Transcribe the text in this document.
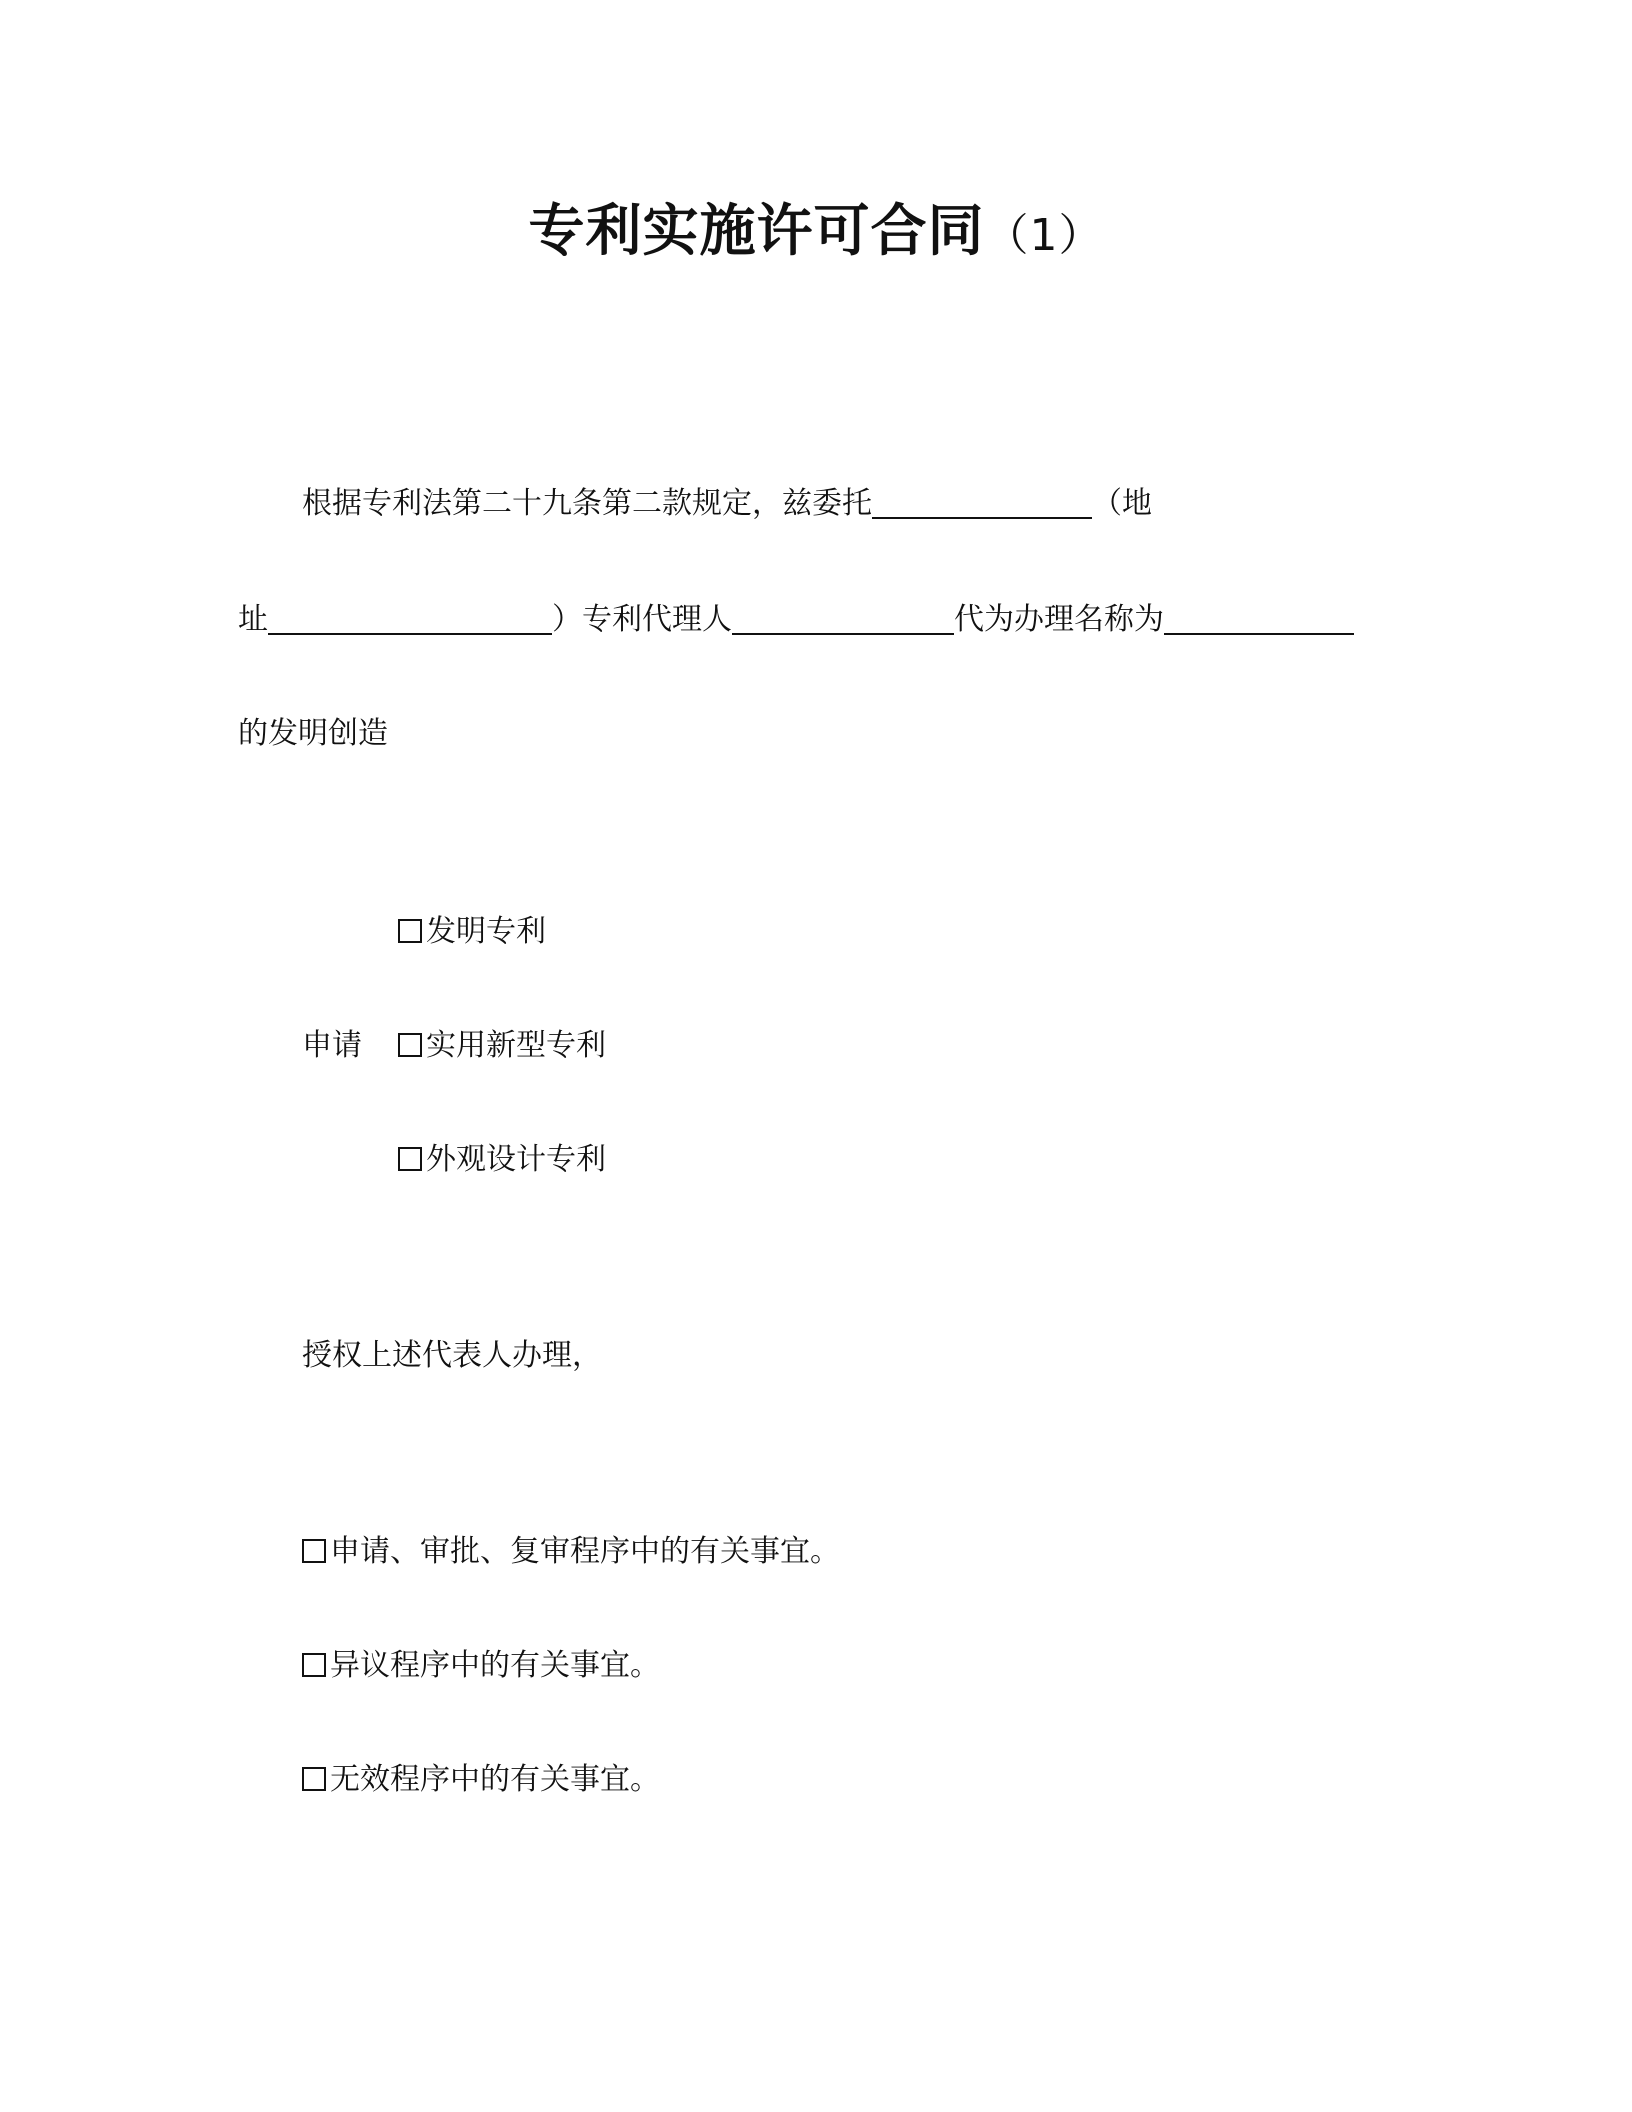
专利实施许可合同（1）
根据专利法第二十九条第二款规定，兹委托	（地
址	）专利代理人	代为办理名称为
的发明创造
发明专利
申请	实用新型专利
外观设计专利
授权上述代表人办理，
申请、审批、复审程序中的有关事宜。
异议程序中的有关事宜。
无效程序中的有关事宜。
